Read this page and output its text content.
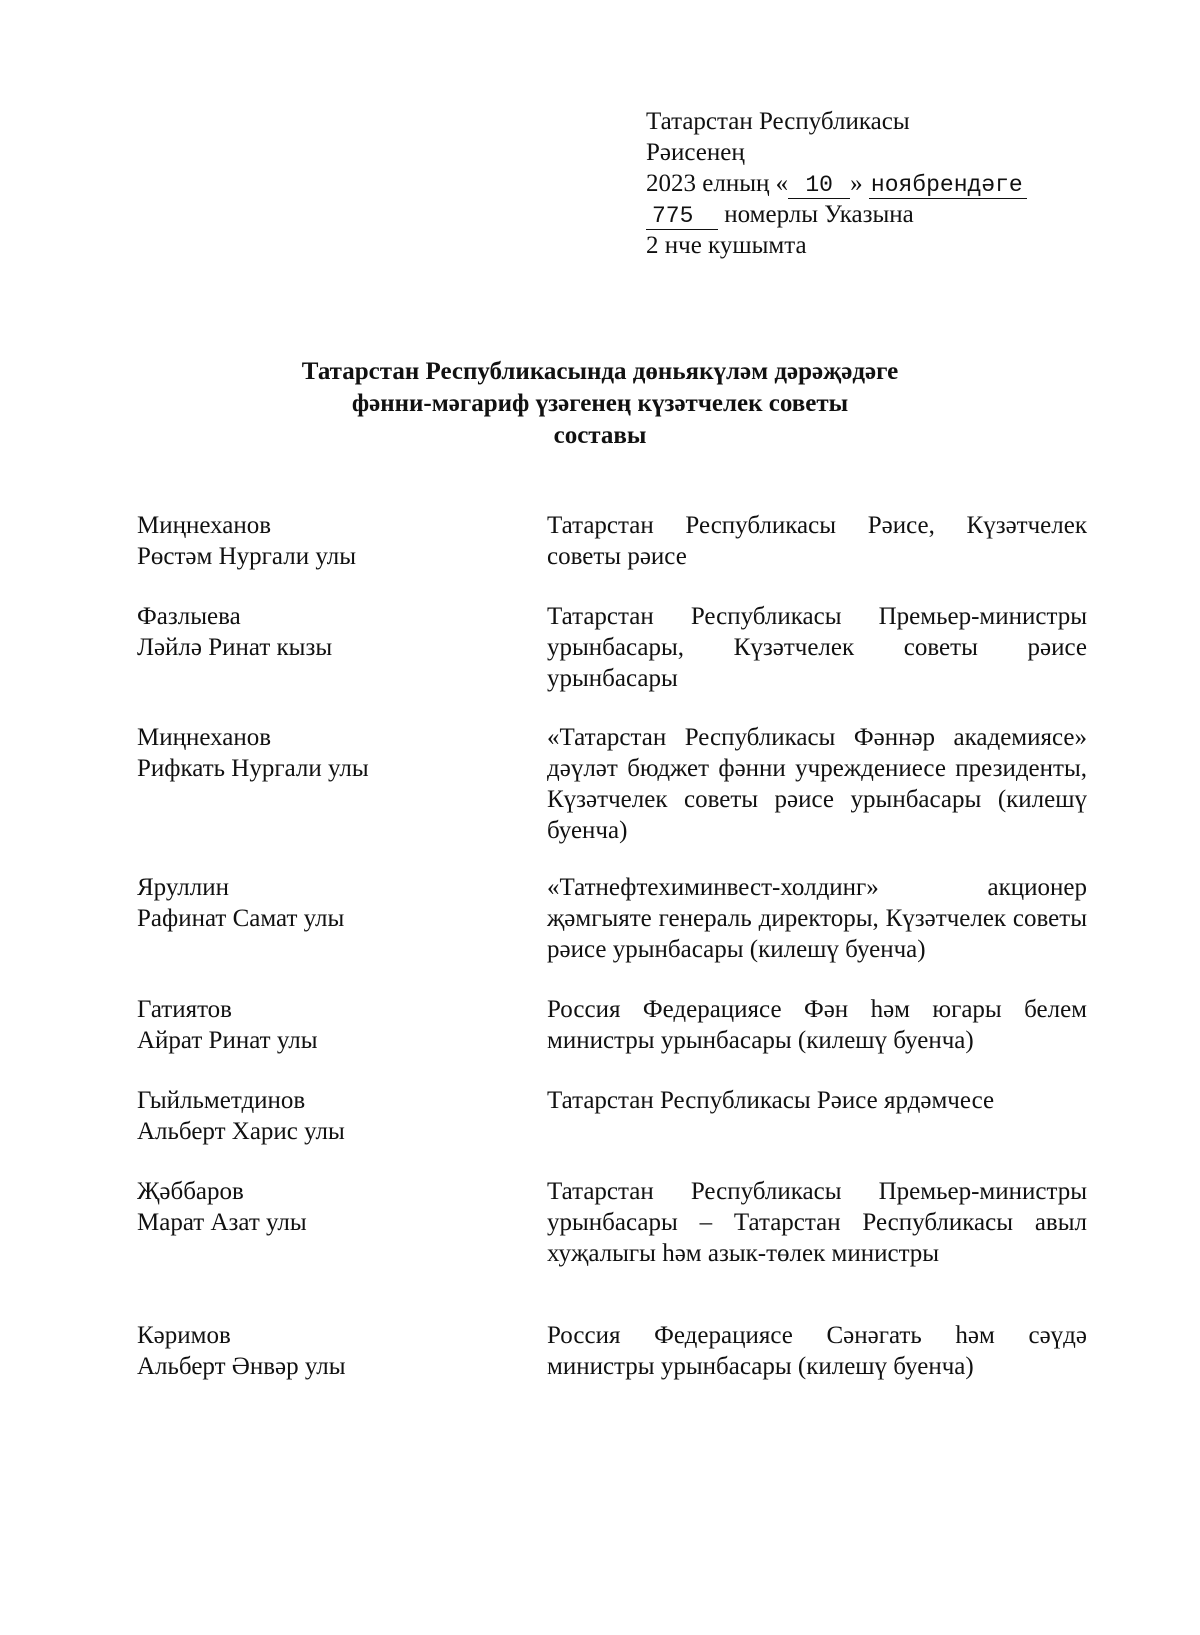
Татарстан Республикасы
Рәисенең
2023 елның « 10 » ноябрендәге
775 номерлы Указына
2 нче кушымта
Татарстан Республикасында дөньякүләм дәрәҗәдәге
фәнни-мәгариф үзәгенең күзәтчелек советы
составы
Миңнеханов
Рөстәм Нургали улы
Татарстан Республикасы Рәисе, Күзәтчелек советы рәисе
Фазлыева
Ләйлә Ринат кызы
Татарстан Республикасы Премьер-министры урынбасары, Күзәтчелек советы рәисе урынбасары
Миңнеханов
Рифкать Нургали улы
«Татарстан Республикасы Фәннәр академиясе» дәүләт бюджет фәнни учреждениесе президенты, Күзәтчелек советы рәисе урынбасары (килешү буенча)
Яруллин
Рафинат Самат улы
«Татнефтехиминвест-холдинг» акционер җәмгыяте генераль директоры, Күзәтчелек советы рәисе урынбасары (килешү буенча)
Гатиятов
Айрат Ринат улы
Россия Федерациясе Фән һәм югары белем министры урынбасары (килешү буенча)
Гыйльметдинов
Альберт Харис улы
Татарстан Республикасы Рәисе ярдәмчесе
Җәббаров
Марат Азат улы
Татарстан Республикасы Премьер-министры урынбасары – Татарстан Республикасы авыл хуҗалыгы һәм азык-төлек министры
Кәримов
Альберт Әнвәр улы
Россия Федерациясе Сәнәгать һәм сәүдә министры урынбасары (килешү буенча)
